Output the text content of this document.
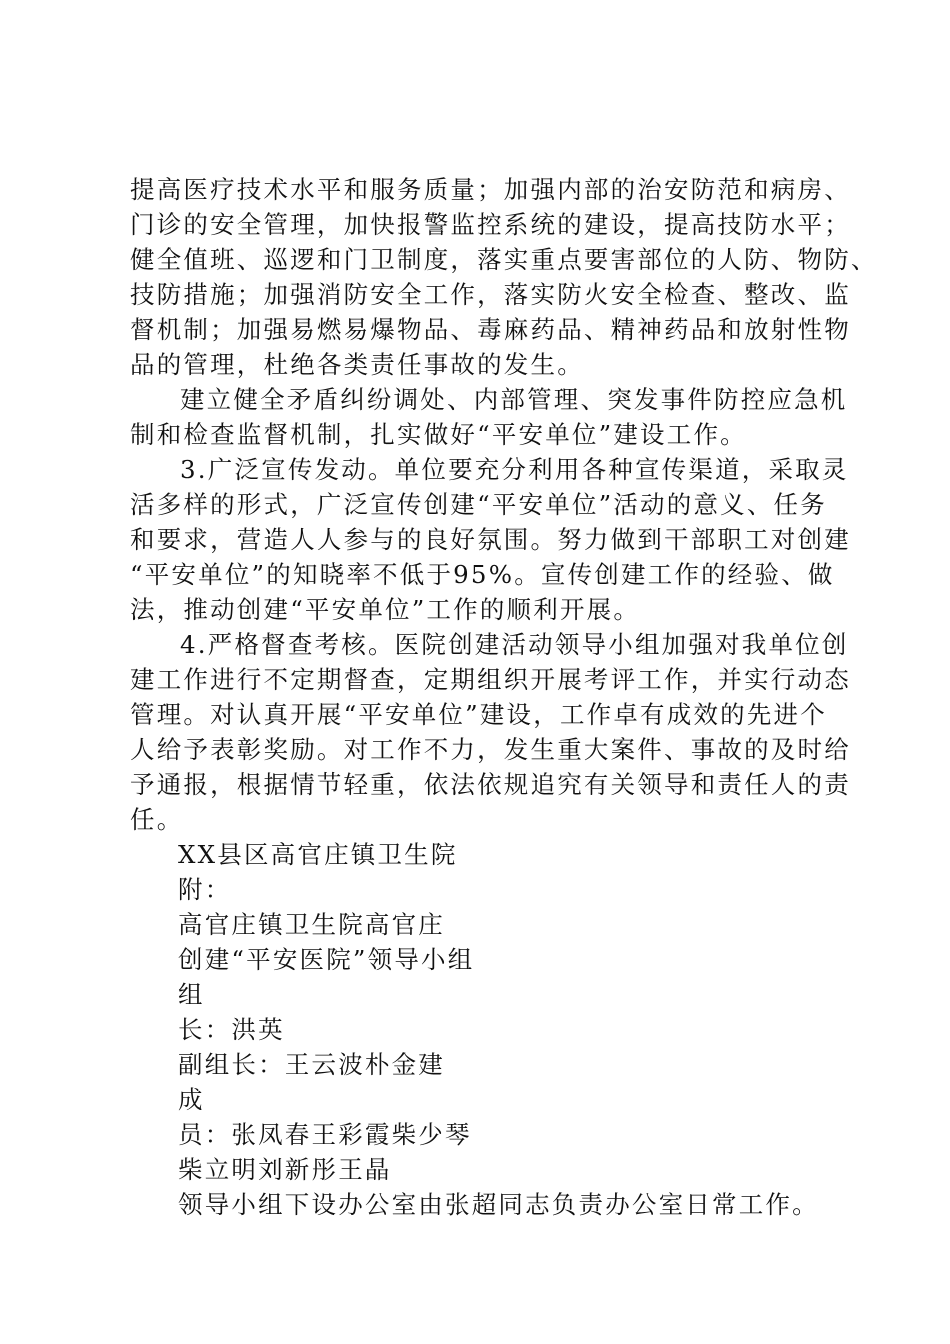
提高医疗技术水平和服务质量；加强内部的治安防范和病房、
门诊的安全管理，加快报警监控系统的建设，提高技防水平；
健全值班、巡逻和门卫制度，落实重点要害部位的人防、物防、
技防措施；加强消防安全工作，落实防火安全检查、整改、监
督机制；加强易燃易爆物品、毒麻药品、精神药品和放射性物
品的管理，杜绝各类责任事故的发生。
建立健全矛盾纠纷调处、内部管理、突发事件防控应急机
制和检查监督机制，扎实做好“平安单位”建设工作。
3.广泛宣传发动。单位要充分利用各种宣传渠道，采取灵
活多样的形式，广泛宣传创建“平安单位”活动的意义、任务
和要求，营造人人参与的良好氛围。努力做到干部职工对创建
“平安单位”的知晓率不低于95%。宣传创建工作的经验、做
法，推动创建“平安单位”工作的顺利开展。
4.严格督查考核。医院创建活动领导小组加强对我单位创
建工作进行不定期督查，定期组织开展考评工作，并实行动态
管理。对认真开展“平安单位”建设，工作卓有成效的先进个
人给予表彰奖励。对工作不力，发生重大案件、事故的及时给
予通报，根据情节轻重，依法依规追究有关领导和责任人的责
任。
XX县区高官庄镇卫生院
附：
高官庄镇卫生院高官庄
创建“平安医院”领导小组
组
长：洪英
副组长：王云波朴金建
成
员：张凤春王彩霞柴少琴
柴立明刘新彤王晶
领导小组下设办公室由张超同志负责办公室日常工作。
